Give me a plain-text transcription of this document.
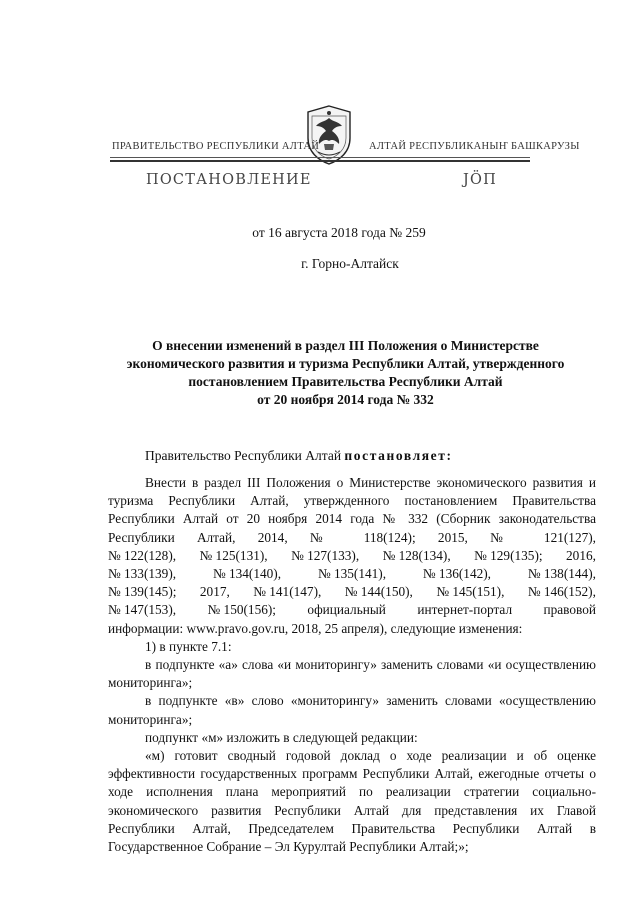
ПРАВИТЕЛЬСТВО РЕСПУБЛИКИ АЛТАЙ	АЛТАЙ РЕСПУБЛИКАНЫҤ БАШКАРУЗЫ
ПОСТАНОВЛЕНИЕ	ЈӦП
от 16 августа 2018 года № 259
г. Горно-Алтайск
О внесении изменений в раздел III Положения о Министерстве
экономического развития и туризма Республики Алтай, утвержденного
постановлением Правительства Республики Алтай
от 20 ноября 2014 года № 332
Правительство Республики Алтай постановляет:
Внести в раздел III Положения о Министерстве экономического развития и туризма Республики Алтай, утвержденного постановлением Правительства Республики Алтай от 20 ноября 2014 года № 332 (Сборник законодательства Республики Алтай, 2014, № 118(124); 2015, № 121(127),
№ 122(128), № 125(131), № 127(133), № 128(134), № 129(135); 2016,
№ 133(139),	№ 134(140),	№ 135(141),	№ 136(142),	№ 138(144),
№ 139(145); 2017, № 141(147), № 144(150), № 145(151), № 146(152),
№ 147(153), № 150(156); официальный интернет-портал правовой
информации: www.pravo.gov.ru, 2018, 25 апреля), следующие изменения:
1) в пункте 7.1:
в подпункте «а» слова «и мониторингу» заменить словами «и осуществлению мониторинга»;
в подпункте «в» слово «мониторингу» заменить словами «осуществлению мониторинга»;
подпункт «м» изложить в следующей редакции:
«м) готовит сводный годовой доклад о ходе реализации и об оценке эффективности государственных программ Республики Алтай, ежегодные отчеты о ходе исполнения плана мероприятий по реализации стратегии социально-экономического развития Республики Алтай для представления их Главой Республики Алтай, Председателем Правительства Республики Алтай в Государственное Собрание – Эл Курултай Республики Алтай;»;
